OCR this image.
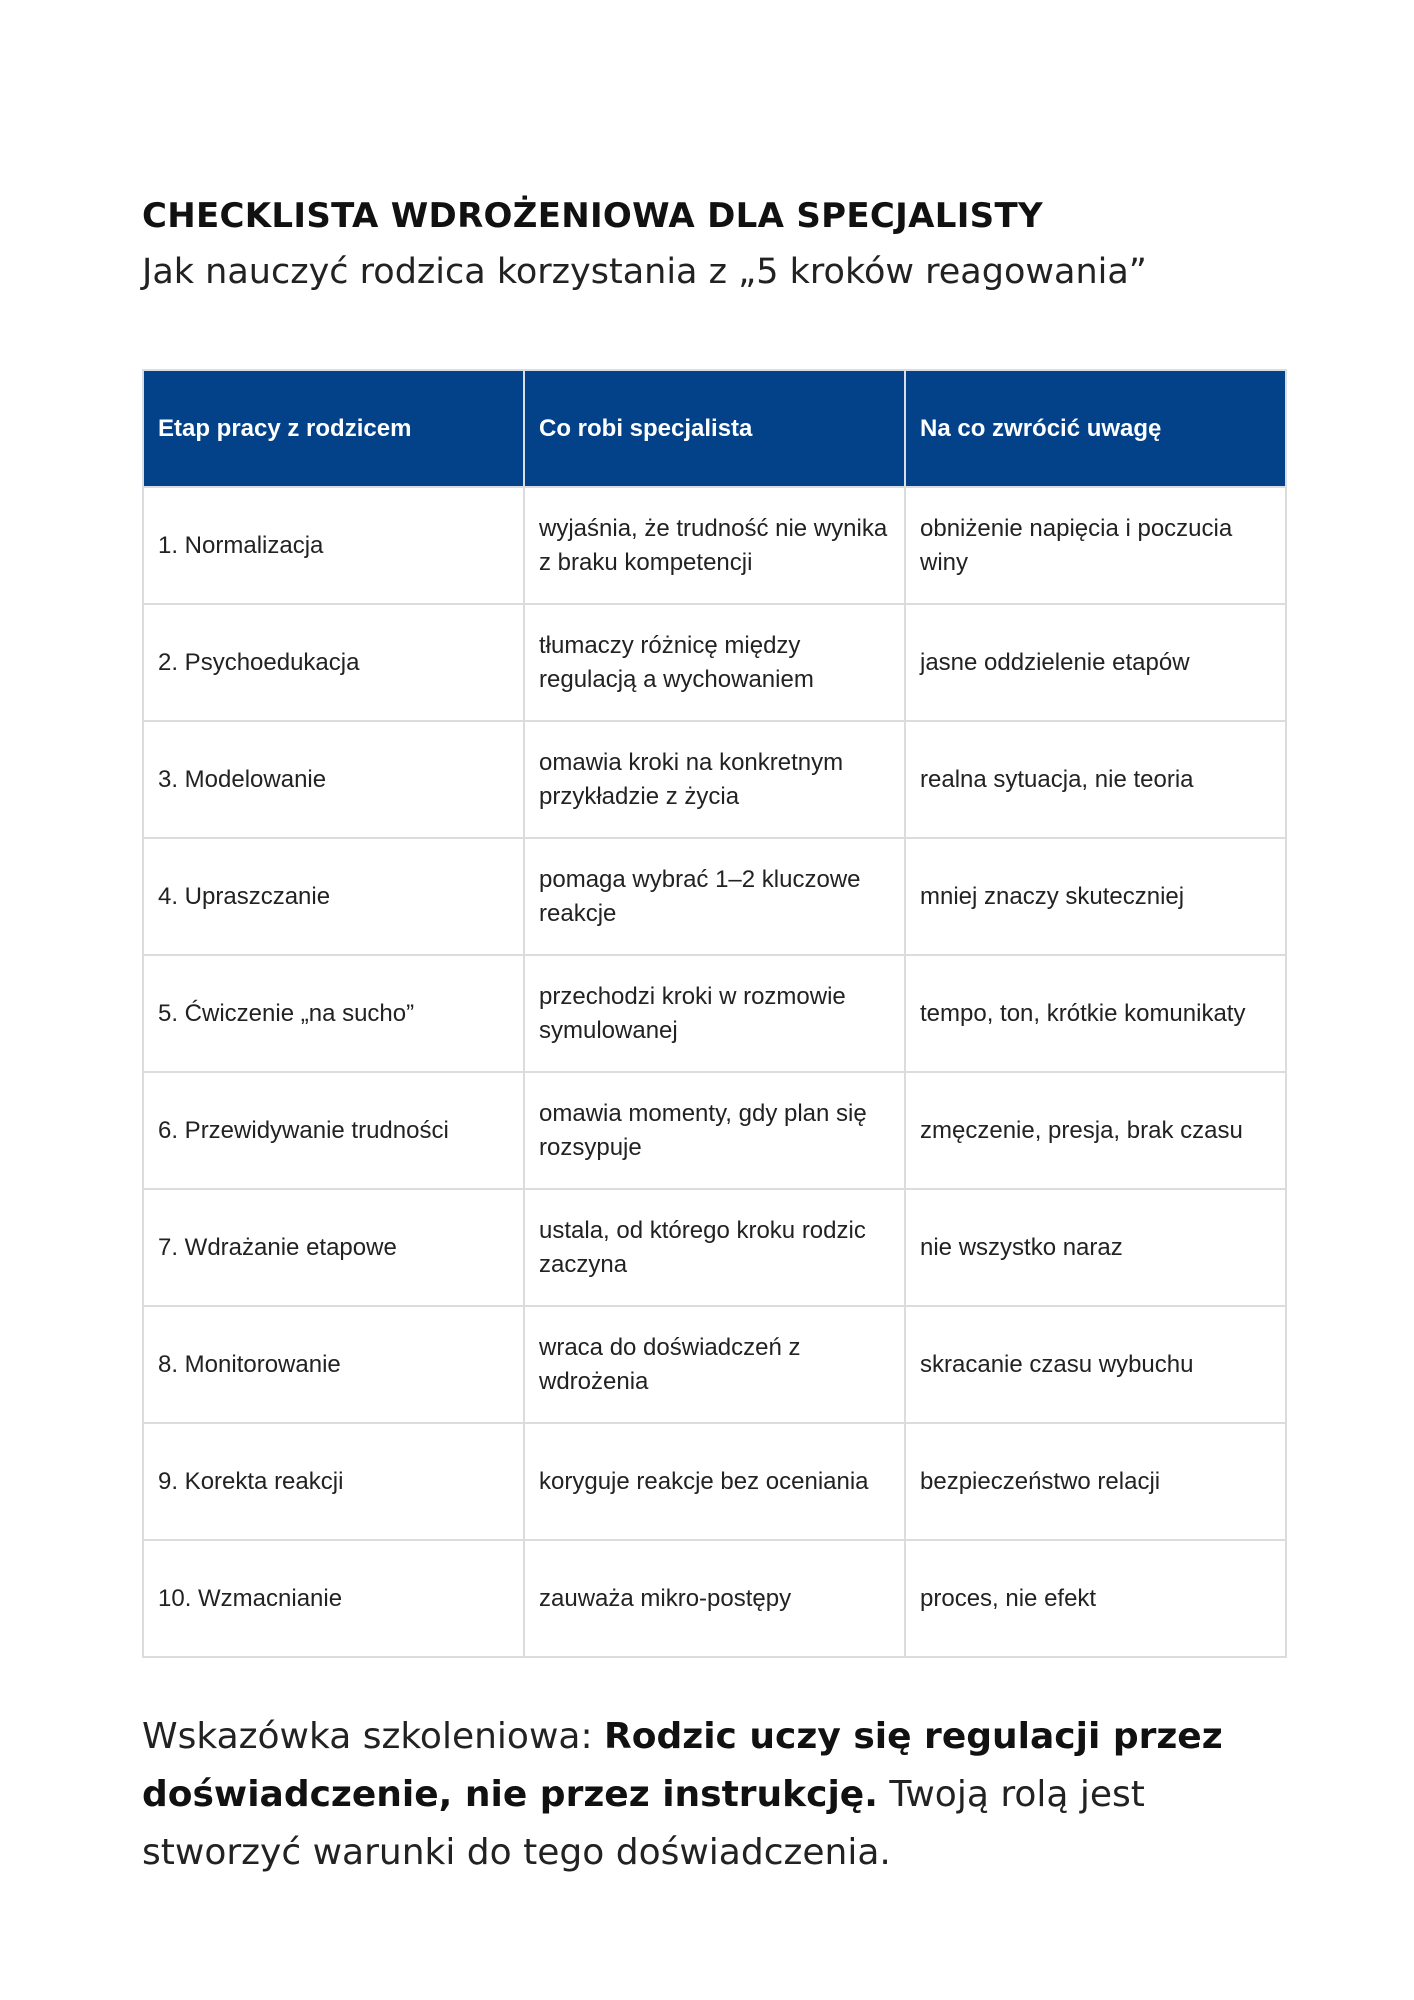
CHECKLISTA WDROŻENIOWA DLA SPECJALISTY
Jak nauczyć rodzica korzystania z „5 kroków reagowania”
Etap pracy z rodzicem	Co robi specjalista	Na co zwrócić uwagę
1. Normalizacja	wyjaśnia, że trudność nie wynika z braku kompetencji	obniżenie napięcia i poczucia winy
2. Psychoedukacja	tłumaczy różnicę między regulacją a wychowaniem	jasne oddzielenie etapów
3. Modelowanie	omawia kroki na konkretnym przykładzie z życia	realna sytuacja, nie teoria
4. Upraszczanie	pomaga wybrać 1–2 kluczowe reakcje	mniej znaczy skuteczniej
5. Ćwiczenie „na sucho”	przechodzi kroki w rozmowie symulowanej	tempo, ton, krótkie komunikaty
6. Przewidywanie trudności	omawia momenty, gdy plan się rozsypuje	zmęczenie, presja, brak czasu
7. Wdrażanie etapowe	ustala, od którego kroku rodzic zaczyna	nie wszystko naraz
8. Monitorowanie	wraca do doświadczeń z wdrożenia	skracanie czasu wybuchu
9. Korekta reakcji	koryguje reakcje bez oceniania	bezpieczeństwo relacji
10. Wzmacnianie	zauważa mikro-postępy	proces, nie efekt

Wskazówka szkoleniowa: Rodzic uczy się regulacji przez doświadczenie, nie przez instrukcję. Twoją rolą jest stworzyć warunki do tego doświadczenia.
